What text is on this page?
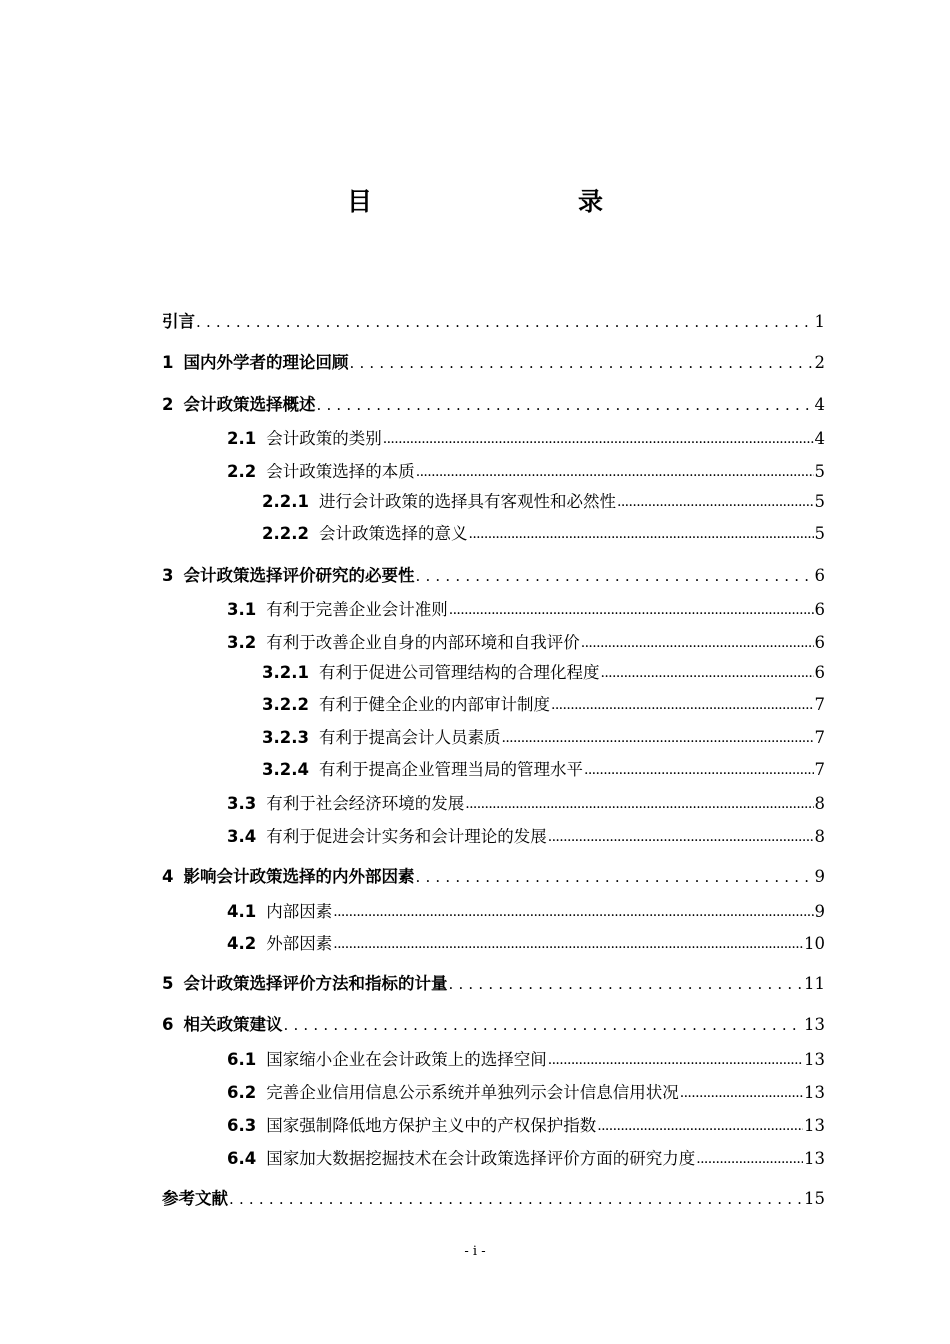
目　　录
引言 .....	1
1 国内外学者的理论回顾 .....	2
2 会计政策选择概述 .....	4
2.1 会计政策的类别 .....	4
2.2 会计政策选择的本质 .....	5
2.2.1 进行会计政策的选择具有客观性和必然性 .....	5
2.2.2 会计政策选择的意义 .....	5
3 会计政策选择评价研究的必要性 .....	6
3.1 有利于完善企业会计准则 .....	6
3.2 有利于改善企业自身的内部环境和自我评价 .....	6
3.2.1 有利于促进公司管理结构的合理化程度 .....	6
3.2.2 有利于健全企业的内部审计制度 .....	7
3.2.3 有利于提高会计人员素质 .....	7
3.2.4 有利于提高企业管理当局的管理水平 .....	7
3.3 有利于社会经济环境的发展 .....	8
3.4 有利于促进会计实务和会计理论的发展 .....	8
4 影响会计政策选择的内外部因素 .....	9
4.1 内部因素 .....	9
4.2 外部因素 .....	10
5 会计政策选择评价方法和指标的计量 .....	11
6 相关政策建议 .....	13
6.1 国家缩小企业在会计政策上的选择空间 .....	13
6.2 完善企业信用信息公示系统并单独列示会计信息信用状况 .....	13
6.3 国家强制降低地方保护主义中的产权保护指数 .....	13
6.4 国家加大数据挖掘技术在会计政策选择评价方面的研究力度 .....	13
参考文献 .....	15
- i -
